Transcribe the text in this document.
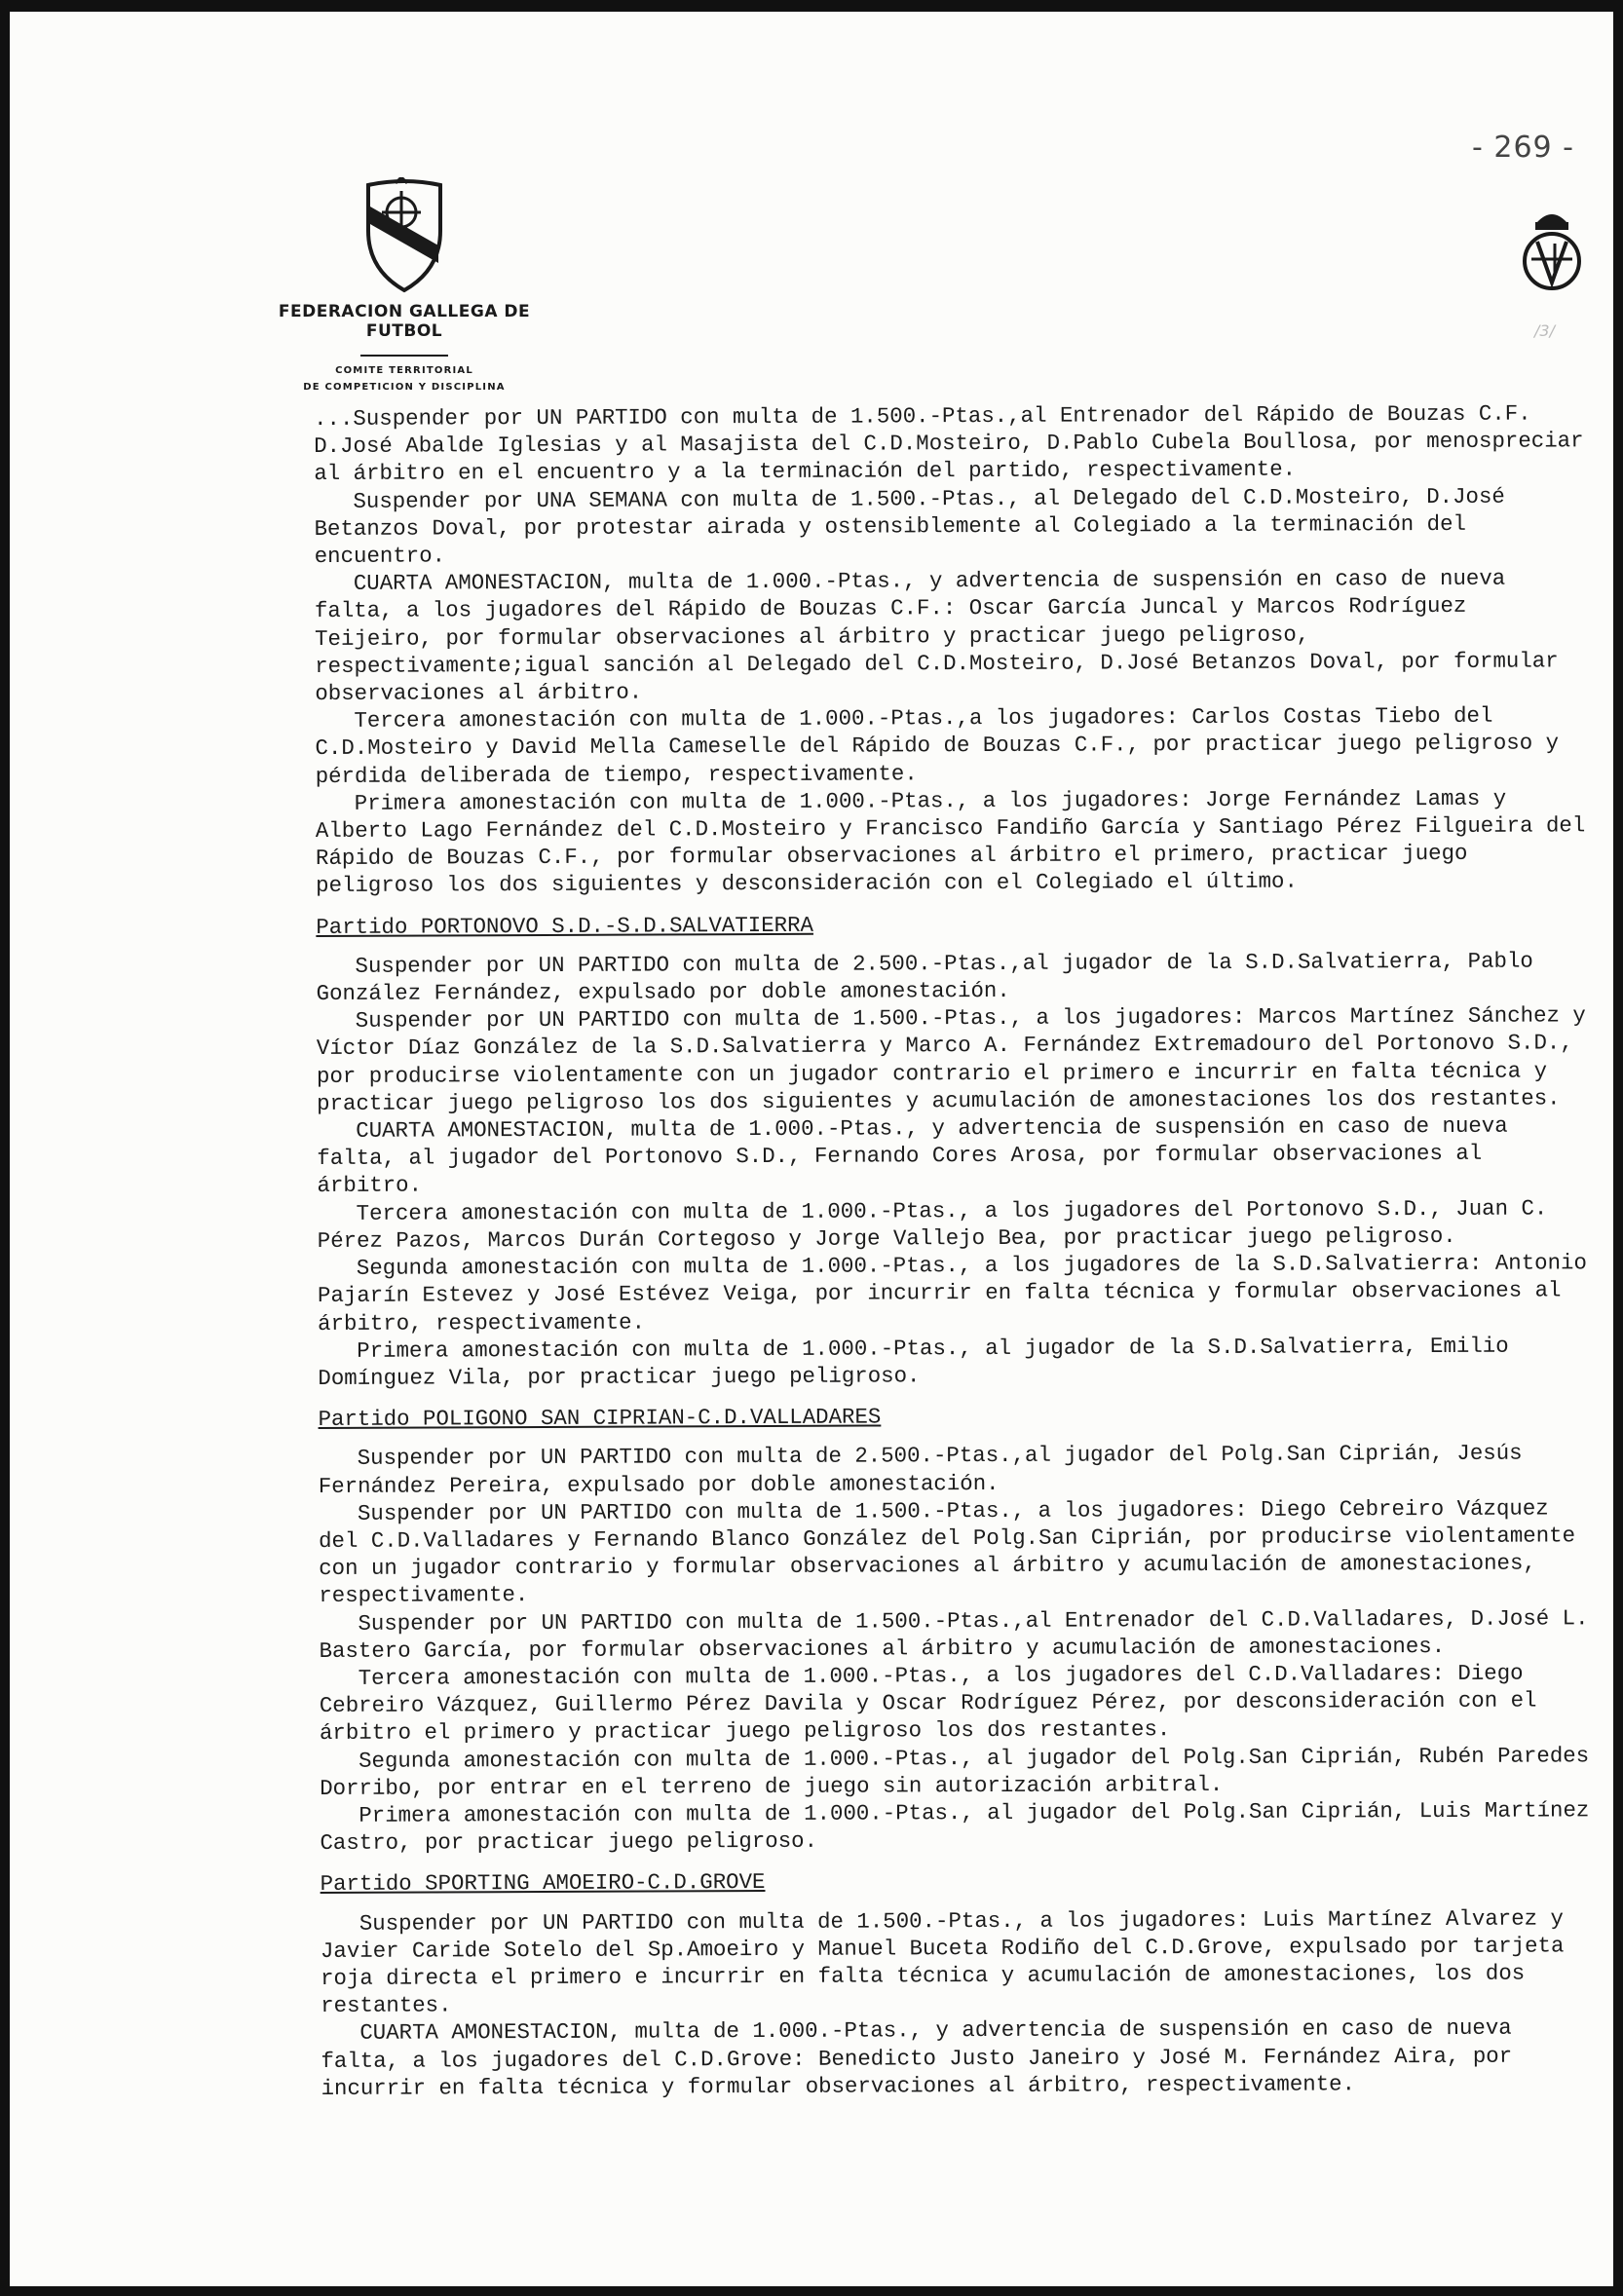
- 269 -
FEDERACION GALLEGA DE FUTBOL
COMITE TERRITORIAL
DE COMPETICION Y DISCIPLINA
/3/

...Suspender por UN PARTIDO con multa de 1.500.-Ptas.,al Entrenador del Rápido de Bouzas C.F. D.José Abalde Iglesias y al Masajista del C.D.Mosteiro, D.Pablo Cubela Boullosa, por menospreciar al árbitro en el encuentro y a la terminación del partido, respectivamente.

Suspender por UNA SEMANA con multa de 1.500.-Ptas., al Delegado del C.D.Mosteiro, D.José Betanzos Doval, por protestar airada y ostensiblemente al Colegiado a la terminación del encuentro.

CUARTA AMONESTACION, multa de 1.000.-Ptas., y advertencia de suspensión en caso de nueva falta, a los jugadores del Rápido de Bouzas C.F.: Oscar García Juncal y Marcos Rodríguez Teijeiro, por formular observaciones al árbitro y practicar juego peligroso, respectivamente;igual sanción al Delegado del C.D.Mosteiro, D.José Betanzos Doval, por formular observaciones al árbitro.

Tercera amonestación con multa de 1.000.-Ptas.,a los jugadores: Carlos Costas Tiebo del C.D.Mosteiro y David Mella Cameselle del Rápido de Bouzas C.F., por practicar juego peligroso y pérdida deliberada de tiempo, respectivamente.

Primera amonestación con multa de 1.000.-Ptas., a los jugadores: Jorge Fernández Lamas y Alberto Lago Fernández del C.D.Mosteiro y Francisco Fandiño García y Santiago Pérez Filgueira del Rápido de Bouzas C.F., por formular observaciones al árbitro el primero, practicar juego peligroso los dos siguientes y desconsideración con el Colegiado el último.

Partido PORTONOVO S.D.-S.D.SALVATIERRA

Suspender por UN PARTIDO con multa de 2.500.-Ptas.,al jugador de la S.D.Salvatierra, Pablo González Fernández, expulsado por doble amonestación.

Suspender por UN PARTIDO con multa de 1.500.-Ptas., a los jugadores: Marcos Martínez Sánchez y Víctor Díaz González de la S.D.Salvatierra y Marco A. Fernández Extremadouro del Portonovo S.D., por producirse violentamente con un jugador contrario el primero e incurrir en falta técnica y practicar juego peligroso los dos siguientes y acumulación de amonestaciones los dos restantes.

CUARTA AMONESTACION, multa de 1.000.-Ptas., y advertencia de suspensión en caso de nueva falta, al jugador del Portonovo S.D., Fernando Cores Arosa, por formular observaciones al árbitro.

Tercera amonestación con multa de 1.000.-Ptas., a los jugadores del Portonovo S.D., Juan C. Pérez Pazos, Marcos Durán Cortegoso y Jorge Vallejo Bea, por practicar juego peligroso.

Segunda amonestación con multa de 1.000.-Ptas., a los jugadores de la S.D.Salvatierra: Antonio Pajarín Estevez y José Estévez Veiga, por incurrir en falta técnica y formular observaciones al árbitro, respectivamente.

Primera amonestación con multa de 1.000.-Ptas., al jugador de la S.D.Salvatierra, Emilio Domínguez Vila, por practicar juego peligroso.

Partido POLIGONO SAN CIPRIAN-C.D.VALLADARES

Suspender por UN PARTIDO con multa de 2.500.-Ptas.,al jugador del Polg.San Ciprián, Jesús Fernández Pereira, expulsado por doble amonestación.

Suspender por UN PARTIDO con multa de 1.500.-Ptas., a los jugadores: Diego Cebreiro Vázquez del C.D.Valladares y Fernando Blanco González del Polg.San Ciprián, por producirse violentamente con un jugador contrario y formular observaciones al árbitro y acumulación de amonestaciones, respectivamente.

Suspender por UN PARTIDO con multa de 1.500.-Ptas.,al Entrenador del C.D.Valladares, D.José L. Bastero García, por formular observaciones al árbitro y acumulación de amonestaciones.

Tercera amonestación con multa de 1.000.-Ptas., a los jugadores del C.D.Valladares: Diego Cebreiro Vázquez, Guillermo Pérez Davila y Oscar Rodríguez Pérez, por desconsideración con el árbitro el primero y practicar juego peligroso los dos restantes.

Segunda amonestación con multa de 1.000.-Ptas., al jugador del Polg.San Ciprián, Rubén Paredes Dorribo, por entrar en el terreno de juego sin autorización arbitral.

Primera amonestación con multa de 1.000.-Ptas., al jugador del Polg.San Ciprián, Luis Martínez Castro, por practicar juego peligroso.

Partido SPORTING AMOEIRO-C.D.GROVE

Suspender por UN PARTIDO con multa de 1.500.-Ptas., a los jugadores: Luis Martínez Alvarez y Javier Caride Sotelo del Sp.Amoeiro y Manuel Buceta Rodiño del C.D.Grove, expulsado por tarjeta roja directa el primero e incurrir en falta técnica y acumulación de amonestaciones, los dos restantes.

CUARTA AMONESTACION, multa de 1.000.-Ptas., y advertencia de suspensión en caso de nueva falta, a los jugadores del C.D.Grove: Benedicto Justo Janeiro y José M. Fernández Aira, por incurrir en falta técnica y formular observaciones al árbitro, respectivamente.
